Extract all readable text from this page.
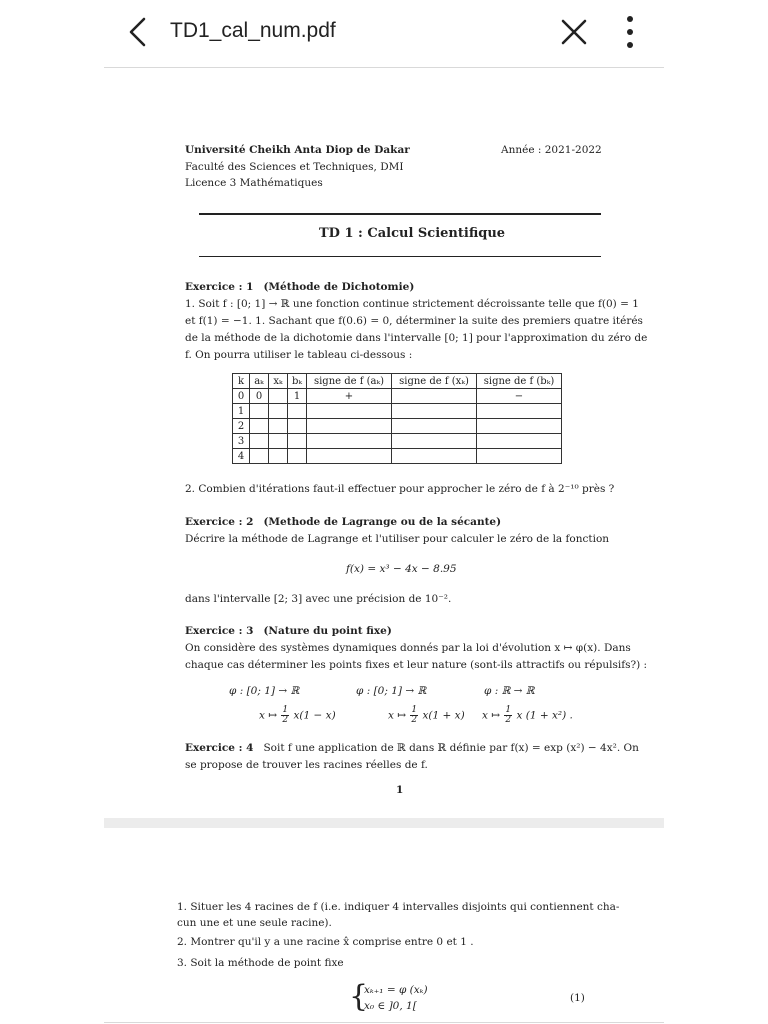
TD1_cal_num.pdf
Université Cheikh Anta Diop de Dakar
Faculté des Sciences et Techniques, DMI
Licence 3 Mathématiques
Année : 2021-2022
TD 1 : Calcul Scientifique
Exercice : 1 (Méthode de Dichotomie)
1. Soit f : [0; 1] → ℝ une fonction continue strictement décroissante telle que f(0) = 1
et f(1) = −1. 1. Sachant que f(0.6) = 0, déterminer la suite des premiers quatre itérés
de la méthode de la dichotomie dans l'intervalle [0; 1] pour l'approximation du zéro de
f. On pourra utiliser le tableau ci-dessous :
k	aₖ	xₖ	bₖ	signe de f (aₖ)	signe de f (xₖ)	signe de f (bₖ)
0	0		1	+		−
1						
2						
3						
4						
2. Combien d'itérations faut-il effectuer pour approcher le zéro de f à 2⁻¹⁰ près ?
Exercice : 2 (Methode de Lagrange ou de la sécante)
Décrire la méthode de Lagrange et l'utiliser pour calculer le zéro de la fonction
f(x) = x³ − 4x − 8.95
dans l'intervalle [2; 3] avec une précision de 10⁻².
Exercice : 3 (Nature du point fixe)
On considère des systèmes dynamiques donnés par la loi d'évolution x ↦ φ(x). Dans
chaque cas déterminer les points fixes et leur nature (sont-ils attractifs ou répulsifs?) :
φ : [0; 1] → ℝ
x ↦ $\frac{1}{2} x(1 - x)$
φ : [0; 1] → ℝ
x ↦ $\frac{1}{2} x(1 + x)$
φ : ℝ → ℝ
x ↦ $\frac{1}{2}$ x (1 + x²) .
Exercice : 4 Soit f une application de ℝ dans ℝ définie par f(x) = exp (x²) − 4x². On
se propose de trouver les racines réelles de f.
1
1. Situer les 4 racines de f (i.e. indiquer 4 intervalles disjoints qui contiennent cha-
cun une et une seule racine).
2. Montrer qu'il y a une racine x̂ comprise entre 0 et 1 .
3. Soit la méthode de point fixe
{
xₖ₊₁ = φ (xₖ)
x₀ ∈ ]0, 1[
(1)
